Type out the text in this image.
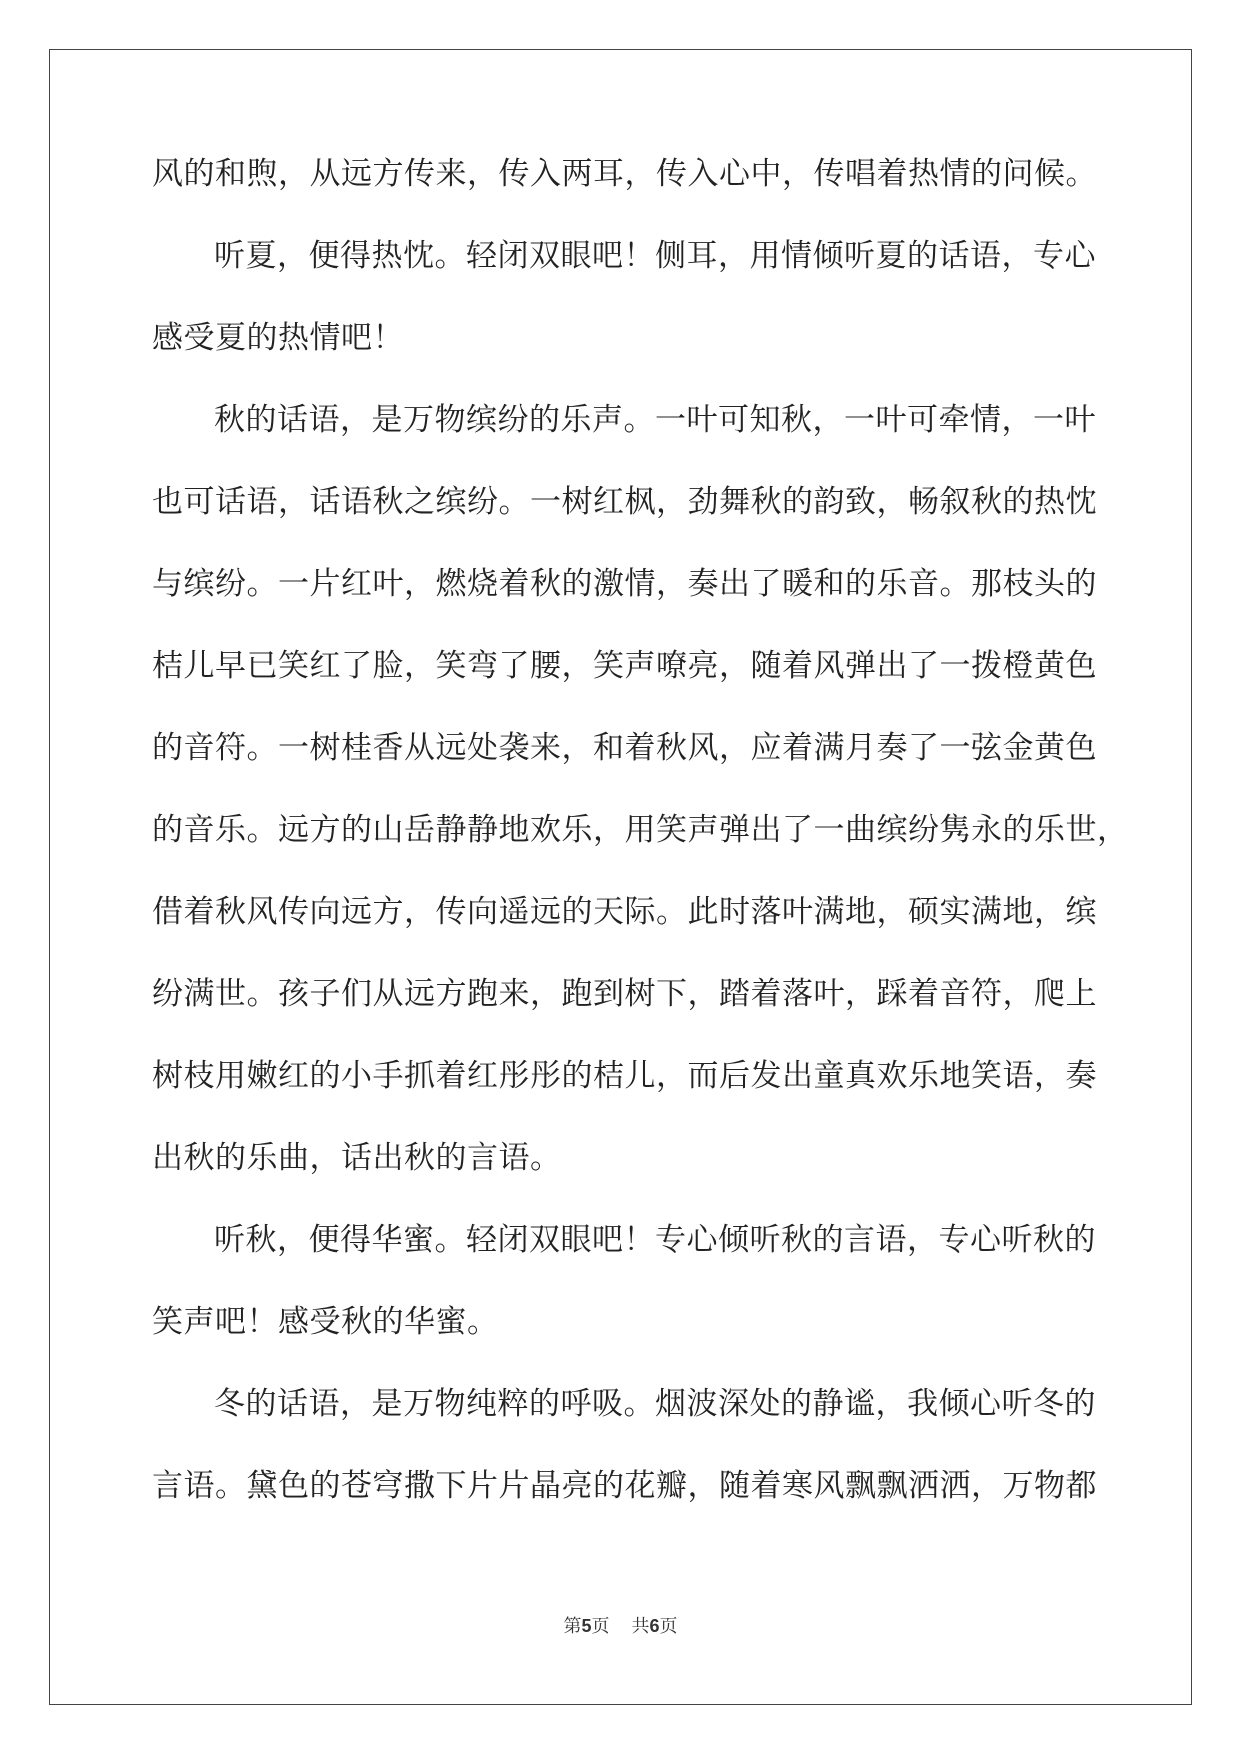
风的和煦，从远方传来，传入两耳，传入心中，传唱着热情的问候。
听夏，便得热忱。轻闭双眼吧！侧耳，用情倾听夏的话语，专心
感受夏的热情吧！
秋的话语，是万物缤纷的乐声。一叶可知秋，一叶可牵情，一叶
也可话语，话语秋之缤纷。一树红枫，劲舞秋的韵致，畅叙秋的热忱
与缤纷。一片红叶，燃烧着秋的激情，奏出了暖和的乐音。那枝头的
桔儿早已笑红了脸，笑弯了腰，笑声嘹亮，随着风弹出了一拨橙黄色
的音符。一树桂香从远处袭来，和着秋风，应着满月奏了一弦金黄色
的音乐。远方的山岳静静地欢乐，用笑声弹出了一曲缤纷隽永的乐世，
借着秋风传向远方，传向遥远的天际。此时落叶满地，硕实满地，缤
纷满世。孩子们从远方跑来，跑到树下，踏着落叶，踩着音符，爬上
树枝用嫩红的小手抓着红彤彤的桔儿，而后发出童真欢乐地笑语，奏
出秋的乐曲，话出秋的言语。
听秋，便得华蜜。轻闭双眼吧！专心倾听秋的言语，专心听秋的
笑声吧！感受秋的华蜜。
冬的话语，是万物纯粹的呼吸。烟波深处的静谧，我倾心听冬的
言语。黛色的苍穹撒下片片晶亮的花瓣，随着寒风飘飘洒洒，万物都
第5页 共6页
